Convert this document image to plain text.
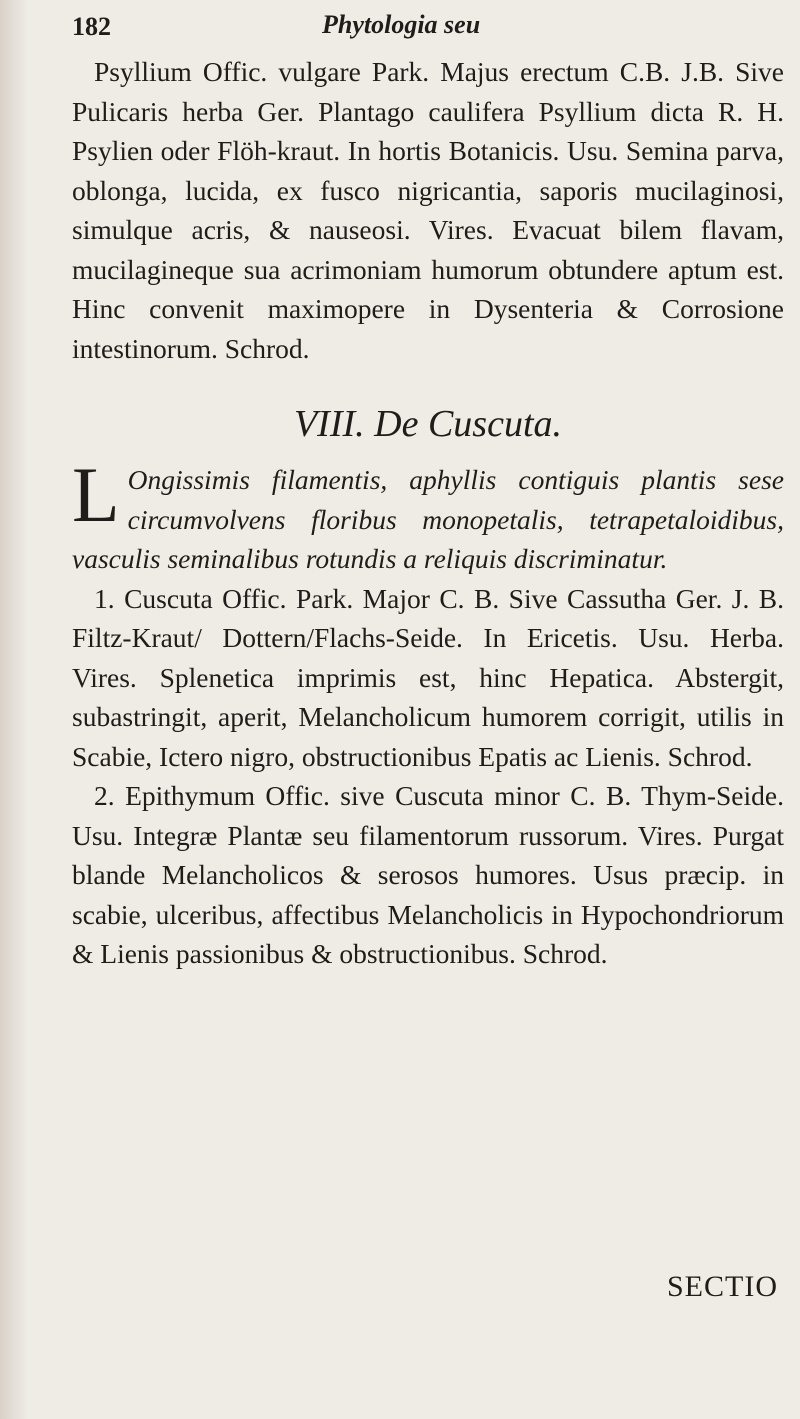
182	Phytologia seu

Psyllium Offic. vulgare Park. Majus erectum C.B. J.B. Sive Pulicaris herba Ger. Plantago caulifera Psyllium dicta R. H. Psylien oder Flöh-kraut. In hortis Botanicis. Usu. Semina parva, oblonga, lucida, ex fusco nigricantia, saporis mucilaginosi, simulque acris, & nauseosi. Vires. Evacuat bilem flavam, mucilagineque sua acrimoniam humorum obtundere aptum est. Hinc convenit maximopere in Dysenteria & Corrosione intestinorum. Schrod.

VIII. De Cuscuta.

L Ongissimis filamentis, aphyllis contiguis plantis sese circumvolvens floribus monopetalis, tetrapetaloidibus, vasculis seminalibus rotundis a reliquis discriminatur.

1. Cuscuta Offic. Park. Major C. B. Sive Cassutha Ger. J. B. Filtz-Kraut/ Dottern/Flachs-Seide. In Ericetis. Usu. Herba. Vires. Splenetica imprimis est, hinc Hepatica. Abstergit, subastringit, aperit, Melancholicum humorem corrigit, utilis in Scabie, Ictero nigro, obstructionibus Epatis ac Lienis. Schrod.

2. Epithymum Offic. sive Cuscuta minor C. B. Thym-Seide. Usu. Integræ Plantæ seu filamentorum russorum. Vires. Purgat blande Melancholicos & serosos humores. Usus præcip. in scabie, ulceribus, affectibus Melancholicis in Hypochondriorum & Lienis passionibus & obstructionibus. Schrod.

SECTIO
